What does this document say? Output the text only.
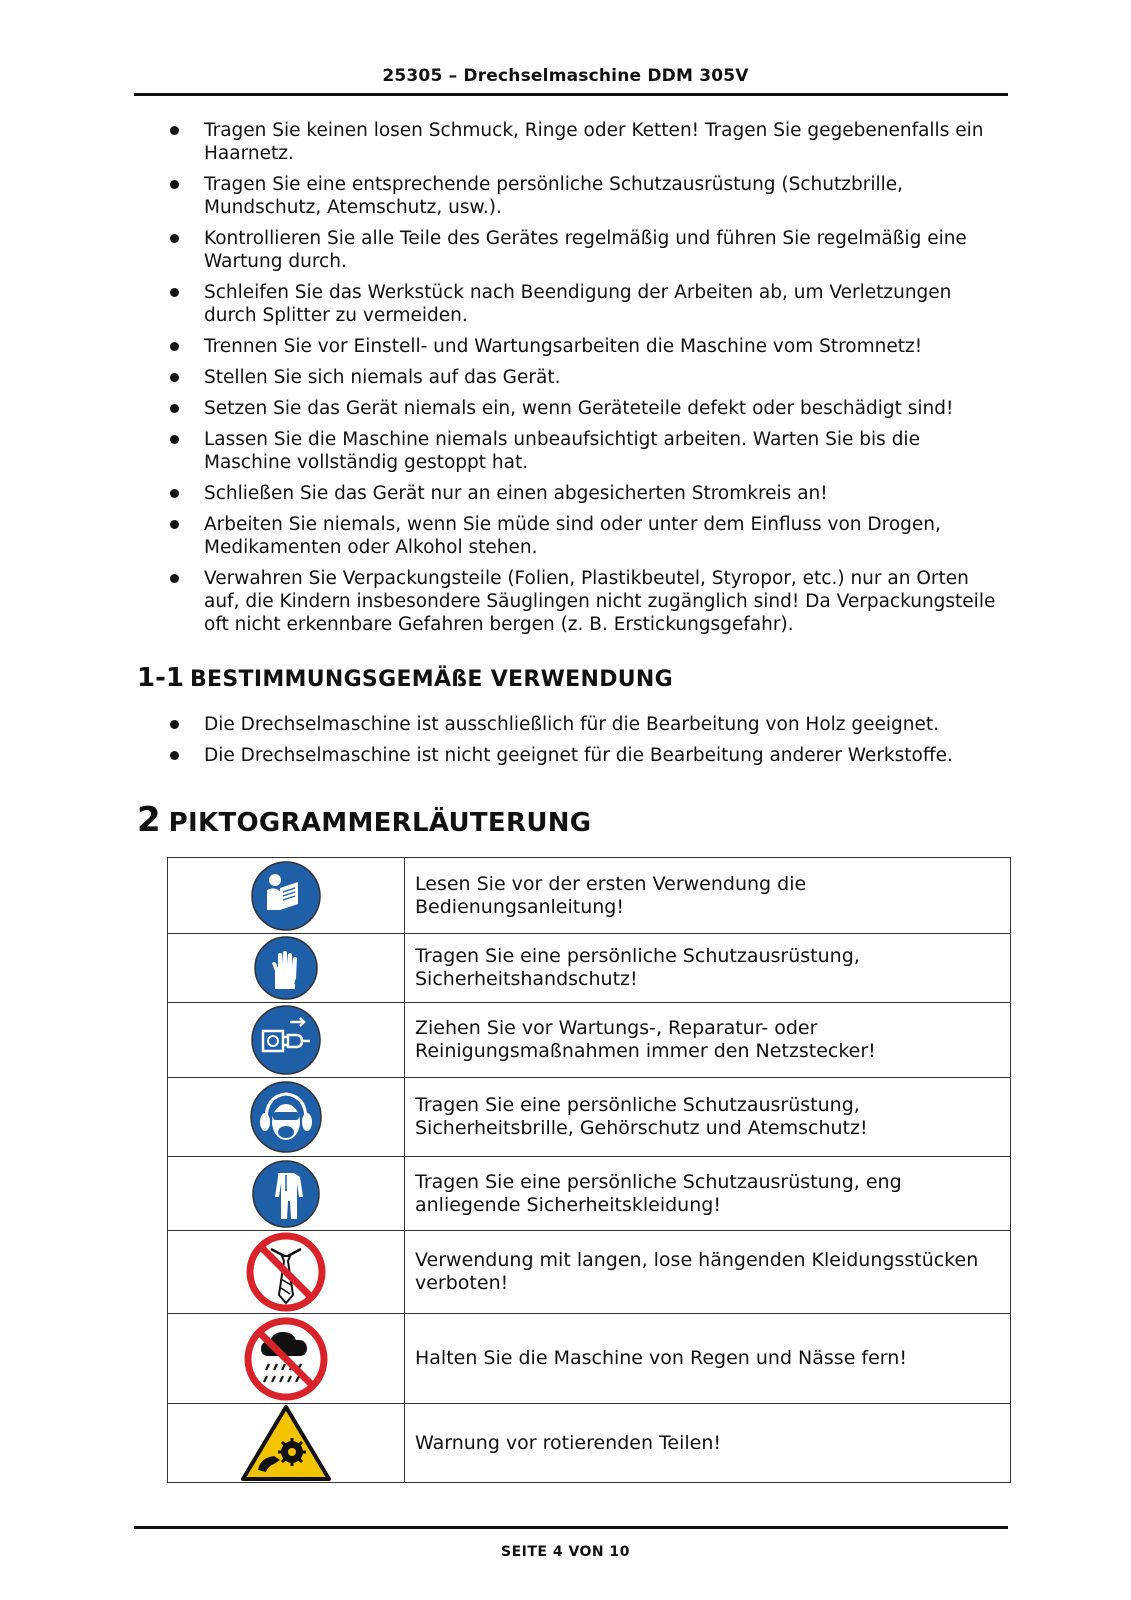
25305 – Drechselmaschine DDM 305V
Tragen Sie keinen losen Schmuck, Ringe oder Ketten! Tragen Sie gegebenenfalls ein Haarnetz.
Tragen Sie eine entsprechende persönliche Schutzausrüstung (Schutzbrille, Mundschutz, Atemschutz, usw.).
Kontrollieren Sie alle Teile des Gerätes regelmäßig und führen Sie regelmäßig eine Wartung durch.
Schleifen Sie das Werkstück nach Beendigung der Arbeiten ab, um Verletzungen durch Splitter zu vermeiden.
Trennen Sie vor Einstell- und Wartungsarbeiten die Maschine vom Stromnetz!
Stellen Sie sich niemals auf das Gerät.
Setzen Sie das Gerät niemals ein, wenn Geräteteile defekt oder beschädigt sind!
Lassen Sie die Maschine niemals unbeaufsichtigt arbeiten. Warten Sie bis die Maschine vollständig gestoppt hat.
Schließen Sie das Gerät nur an einen abgesicherten Stromkreis an!
Arbeiten Sie niemals, wenn Sie müde sind oder unter dem Einfluss von Drogen, Medikamenten oder Alkohol stehen.
Verwahren Sie Verpackungsteile (Folien, Plastikbeutel, Styropor, etc.) nur an Orten auf, die Kindern insbesondere Säuglingen nicht zugänglich sind! Da Verpackungsteile oft nicht erkennbare Gefahren bergen (z. B. Erstickungsgefahr).
1-1 BESTIMMUNGSGEMÄßE VERWENDUNG
Die Drechselmaschine ist ausschließlich für die Bearbeitung von Holz geeignet.
Die Drechselmaschine ist nicht geeignet für die Bearbeitung anderer Werkstoffe.
2 PIKTOGRAMMERLÄUTERUNG
	Lesen Sie vor der ersten Verwendung die Bedienungsanleitung!

	Tragen Sie eine persönliche Schutzausrüstung, Sicherheitshandschutz!

	Ziehen Sie vor Wartungs-, Reparatur- oder Reinigungsmaßnahmen immer den Netzstecker!

	Tragen Sie eine persönliche Schutzausrüstung, Sicherheitsbrille, Gehörschutz und Atemschutz!

	Tragen Sie eine persönliche Schutzausrüstung, eng anliegende Sicherheitskleidung!

	Verwendung mit langen, lose hängenden Kleidungsstücken verboten!

	Halten Sie die Maschine von Regen und Nässe fern!

	Warnung vor rotierenden Teilen!
SEITE 4 VON 10
